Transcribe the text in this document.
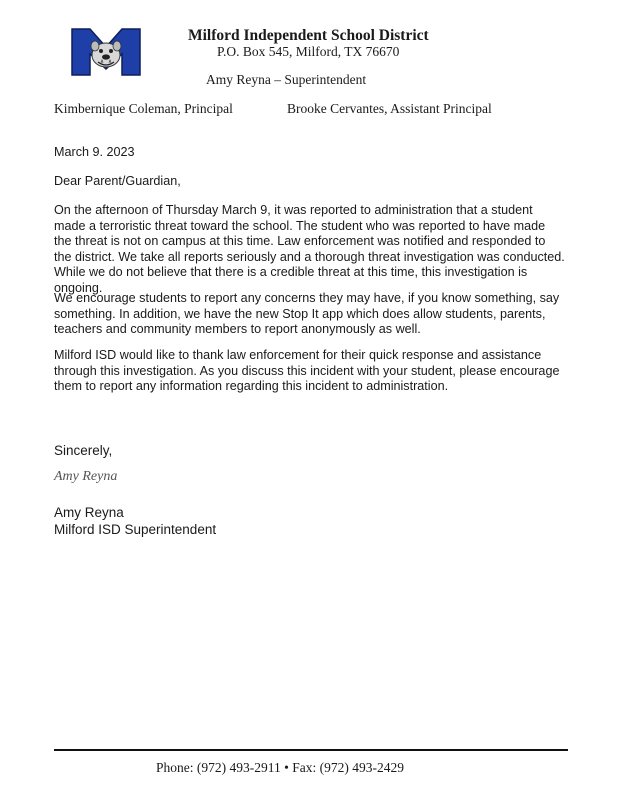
Milford Independent School District
P.O. Box 545, Milford, TX 76670
Amy Reyna – Superintendent
Kimbernique Coleman, Principal	Brooke Cervantes, Assistant Principal
March 9. 2023
Dear Parent/Guardian,

On the afternoon of Thursday March 9, it was reported to administration that a student made a terroristic threat toward the school. The student who was reported to have made the threat is not on campus at this time. Law enforcement was notified and responded to the district. We take all reports seriously and a thorough threat investigation was conducted. While we do not believe that there is a credible threat at this time, this investigation is ongoing.

We encourage students to report any concerns they may have, if you know something, say something. In addition, we have the new Stop It app which does allow students, parents, teachers and community members to report anonymously as well.

Milford ISD would like to thank law enforcement for their quick response and assistance through this investigation. As you discuss this incident with your student, please encourage them to report any information regarding this incident to administration.

Sincerely,
Amy Reyna
Amy Reyna
Milford ISD Superintendent
Phone: (972) 493-2911 • Fax: (972) 493-2429
